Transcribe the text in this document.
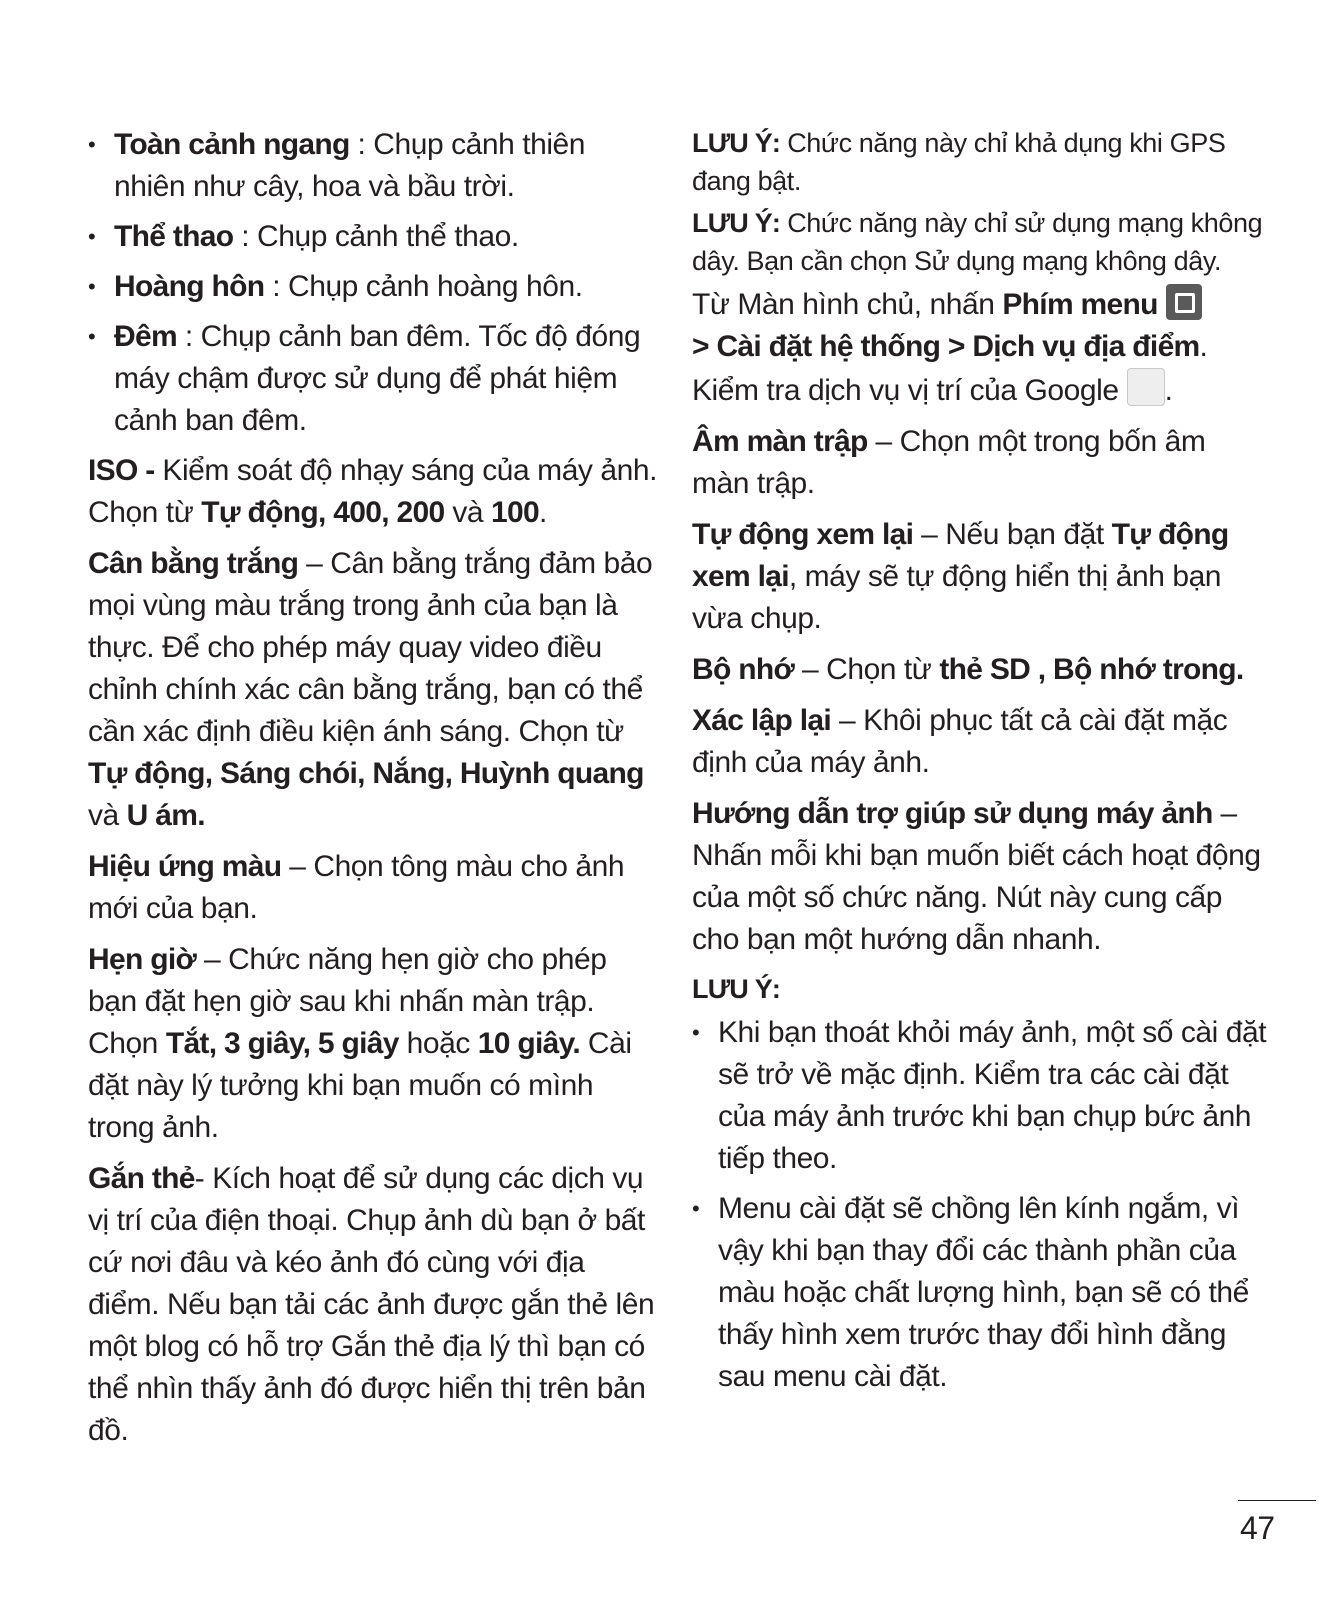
• Toàn cảnh ngang : Chụp cảnh thiên nhiên như cây, hoa và bầu trời.
• Thể thao : Chụp cảnh thể thao.
• Hoàng hôn : Chụp cảnh hoàng hôn.
• Đêm : Chụp cảnh ban đêm. Tốc độ đóng máy chậm được sử dụng để phát hiệm cảnh ban đêm.

ISO - Kiểm soát độ nhạy sáng của máy ảnh. Chọn từ Tự động, 400, 200 và 100.

Cân bằng trắng – Cân bằng trắng đảm bảo mọi vùng màu trắng trong ảnh của bạn là thực. Để cho phép máy quay video điều chỉnh chính xác cân bằng trắng, bạn có thể cần xác định điều kiện ánh sáng. Chọn từ Tự động, Sáng chói, Nắng, Huỳnh quang và U ám.

Hiệu ứng màu – Chọn tông màu cho ảnh mới của bạn.

Hẹn giờ – Chức năng hẹn giờ cho phép bạn đặt hẹn giờ sau khi nhấn màn trập. Chọn Tắt, 3 giây, 5 giây hoặc 10 giây. Cài đặt này lý tưởng khi bạn muốn có mình trong ảnh.

Gắn thẻ- Kích hoạt để sử dụng các dịch vụ vị trí của điện thoại. Chụp ảnh dù bạn ở bất cứ nơi đâu và kéo ảnh đó cùng với địa điểm. Nếu bạn tải các ảnh được gắn thẻ lên một blog có hỗ trợ Gắn thẻ địa lý thì bạn có thể nhìn thấy ảnh đó được hiển thị trên bản đồ.

LƯU Ý: Chức năng này chỉ khả dụng khi GPS đang bật.

LƯU Ý: Chức năng này chỉ sử dụng mạng không dây. Bạn cần chọn Sử dụng mạng không dây.

Từ Màn hình chủ, nhấn Phím menu
> Cài đặt hệ thống > Dịch vụ địa điểm.
Kiểm tra dịch vụ vị trí của Google .

Âm màn trập – Chọn một trong bốn âm màn trập.

Tự động xem lại – Nếu bạn đặt Tự động xem lại, máy sẽ tự động hiển thị ảnh bạn vừa chụp.

Bộ nhớ – Chọn từ thẻ SD , Bộ nhớ trong.

Xác lập lại – Khôi phục tất cả cài đặt mặc định của máy ảnh.

Hướng dẫn trợ giúp sử dụng máy ảnh – Nhấn mỗi khi bạn muốn biết cách hoạt động của một số chức năng. Nút này cung cấp cho bạn một hướng dẫn nhanh.

LƯU Ý:

• Khi bạn thoát khỏi máy ảnh, một số cài đặt sẽ trở về mặc định. Kiểm tra các cài đặt của máy ảnh trước khi bạn chụp bức ảnh tiếp theo.
• Menu cài đặt sẽ chồng lên kính ngắm, vì vậy khi bạn thay đổi các thành phần của màu hoặc chất lượng hình, bạn sẽ có thể thấy hình xem trước thay đổi hình đằng sau menu cài đặt.
47
